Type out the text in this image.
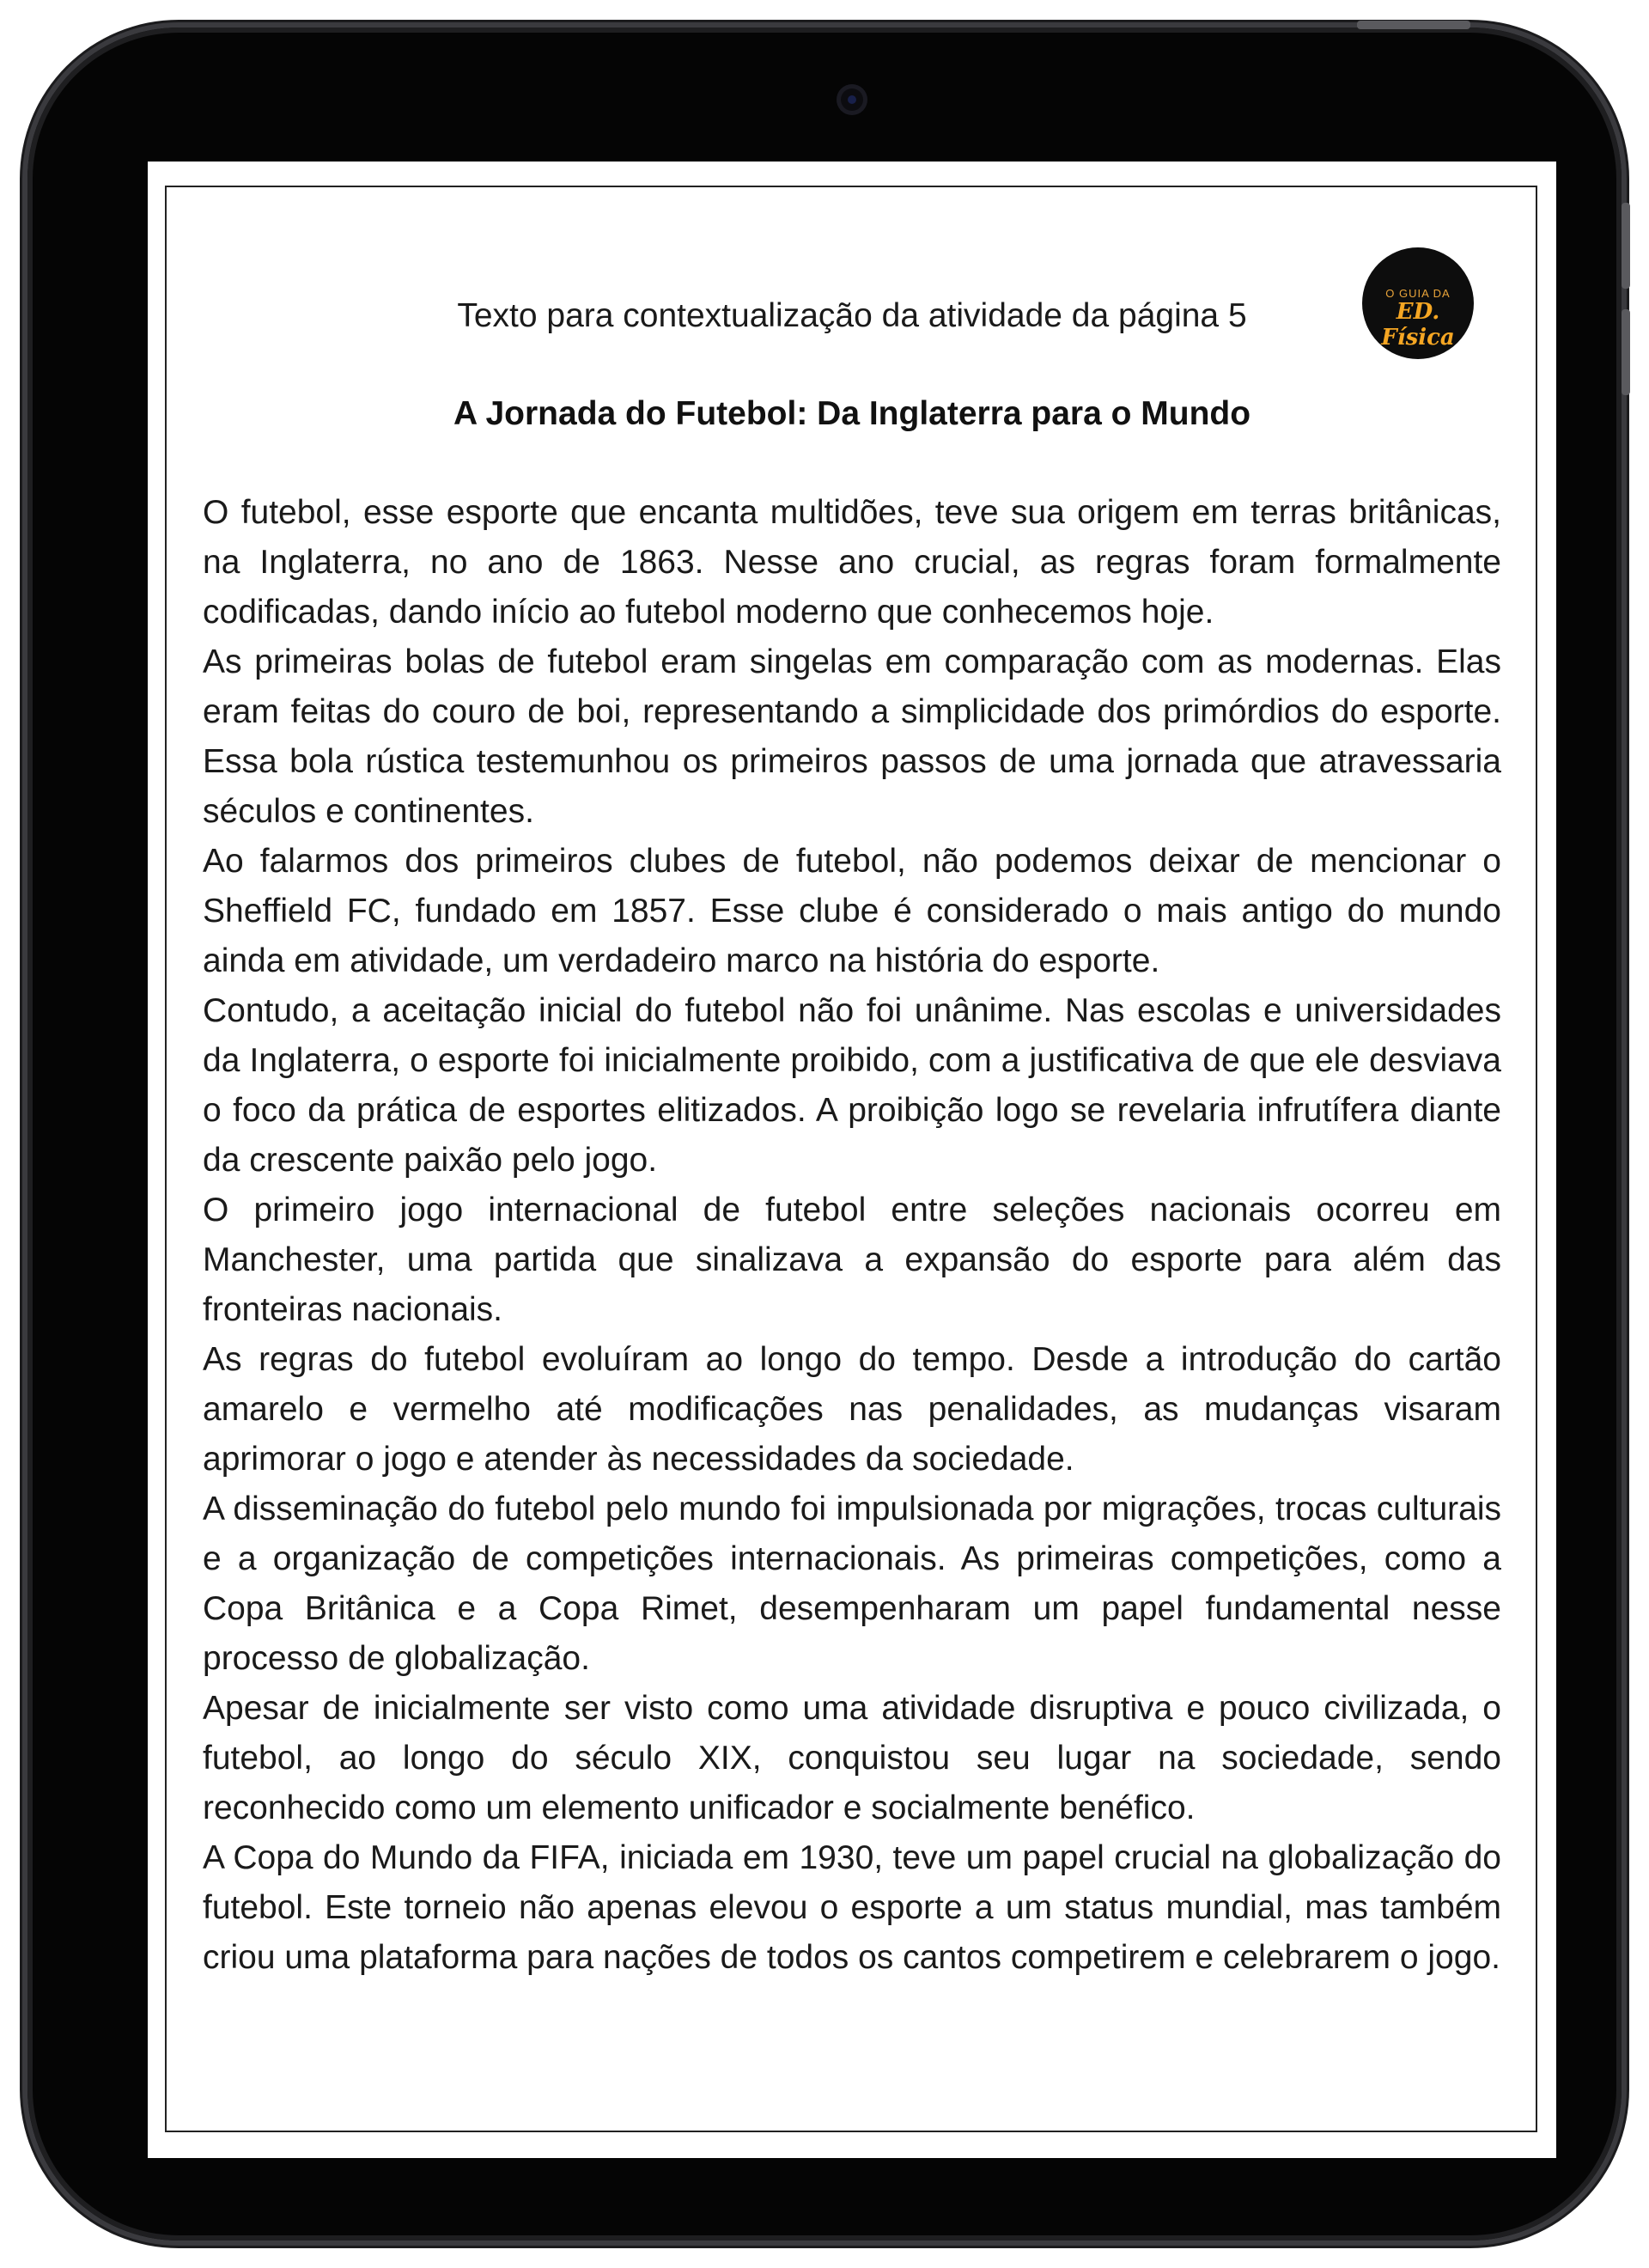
O GUIA DA
ED. Física
Texto para contextualização da atividade da página 5
A Jornada do Futebol: Da Inglaterra para o Mundo

O futebol, esse esporte que encanta multidões, teve sua origem em terras britânicas, na Inglaterra, no ano de 1863. Nesse ano crucial, as regras foram formalmente codificadas, dando início ao futebol moderno que conhecemos hoje.

As primeiras bolas de futebol eram singelas em comparação com as modernas. Elas eram feitas do couro de boi, representando a simplicidade dos primórdios do esporte. Essa bola rústica testemunhou os primeiros passos de uma jornada que atravessaria séculos e continentes.

Ao falarmos dos primeiros clubes de futebol, não podemos deixar de mencionar o Sheffield FC, fundado em 1857. Esse clube é considerado o mais antigo do mundo ainda em atividade, um verdadeiro marco na história do esporte.

Contudo, a aceitação inicial do futebol não foi unânime. Nas escolas e universidades da Inglaterra, o esporte foi inicialmente proibido, com a justificativa de que ele desviava o foco da prática de esportes elitizados. A proibição logo se revelaria infrutífera diante da crescente paixão pelo jogo.

O primeiro jogo internacional de futebol entre seleções nacionais ocorreu em Manchester, uma partida que sinalizava a expansão do esporte para além das fronteiras nacionais.

As regras do futebol evoluíram ao longo do tempo. Desde a introdução do cartão amarelo e vermelho até modificações nas penalidades, as mudanças visaram aprimorar o jogo e atender às necessidades da sociedade.

A disseminação do futebol pelo mundo foi impulsionada por migrações, trocas culturais e a organização de competições internacionais. As primeiras competições, como a Copa Britânica e a Copa Rimet, desempenharam um papel fundamental nesse processo de globalização.

Apesar de inicialmente ser visto como uma atividade disruptiva e pouco civilizada, o futebol, ao longo do século XIX, conquistou seu lugar na sociedade, sendo reconhecido como um elemento unificador e socialmente benéfico.

A Copa do Mundo da FIFA, iniciada em 1930, teve um papel crucial na globalização do futebol. Este torneio não apenas elevou o esporte a um status mundial, mas também criou uma plataforma para nações de todos os cantos competirem e celebrarem o jogo.
